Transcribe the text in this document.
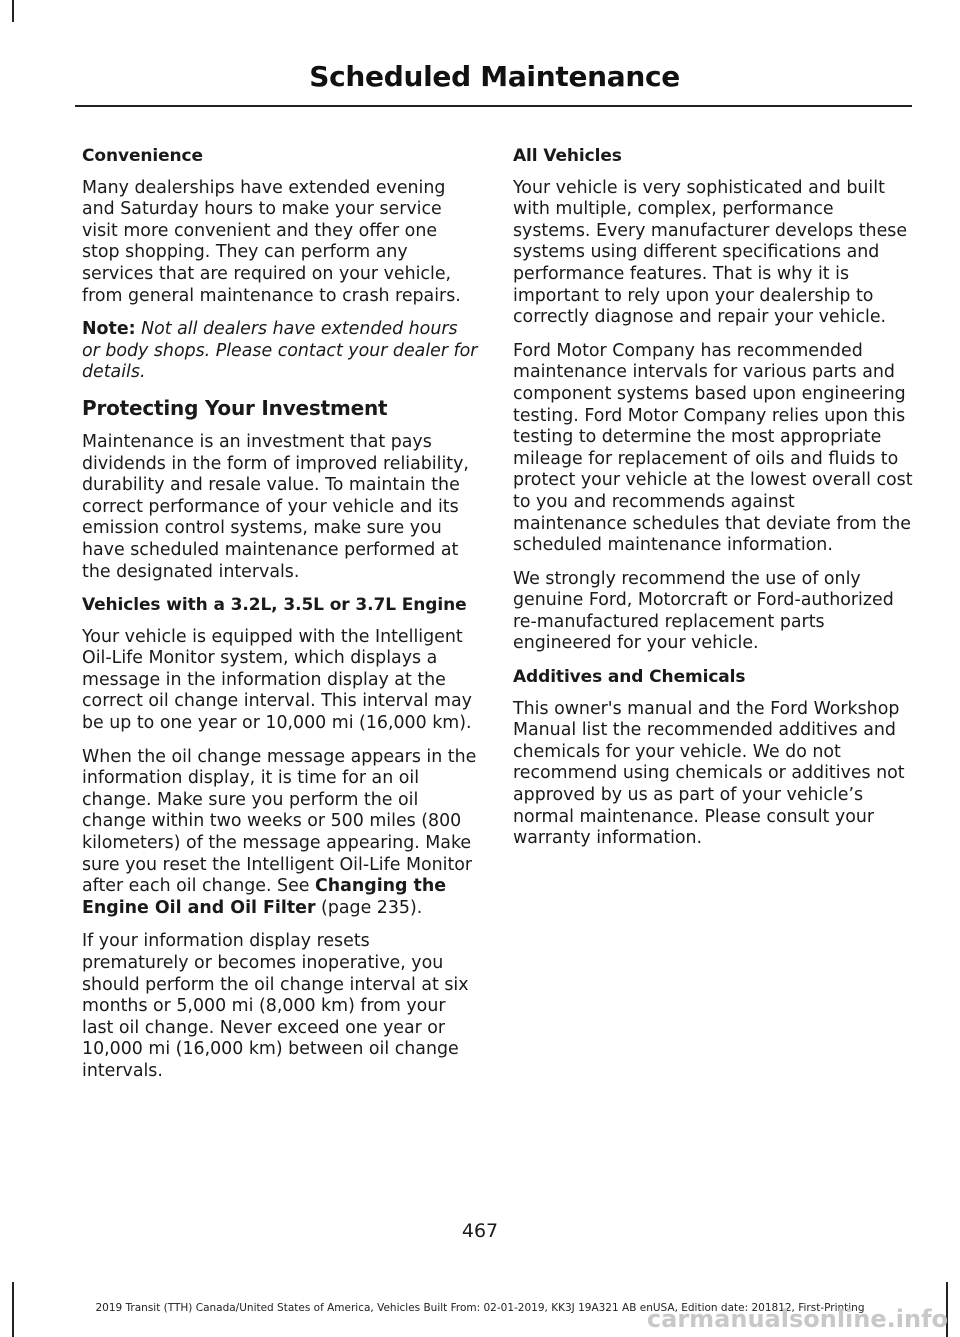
Scheduled Maintenance

Convenience

Many dealerships have extended evening and Saturday hours to make your service visit more convenient and they offer one stop shopping. They can perform any services that are required on your vehicle, from general maintenance to crash repairs.

Note: Not all dealers have extended hours or body shops. Please contact your dealer for details.

Protecting Your Investment

Maintenance is an investment that pays dividends in the form of improved reliability, durability and resale value. To maintain the correct performance of your vehicle and its emission control systems, make sure you have scheduled maintenance performed at the designated intervals.

Vehicles with a 3.2L, 3.5L or 3.7L Engine

Your vehicle is equipped with the Intelligent Oil-Life Monitor system, which displays a message in the information display at the correct oil change interval. This interval may be up to one year or 10,000 mi (16,000 km).

When the oil change message appears in the information display, it is time for an oil change. Make sure you perform the oil change within two weeks or 500 miles (800 kilometers) of the message appearing. Make sure you reset the Intelligent Oil-Life Monitor after each oil change. See Changing the Engine Oil and Oil Filter (page 235).

If your information display resets prematurely or becomes inoperative, you should perform the oil change interval at six months or 5,000 mi (8,000 km) from your last oil change. Never exceed one year or 10,000 mi (16,000 km) between oil change intervals.

All Vehicles

Your vehicle is very sophisticated and built with multiple, complex, performance systems. Every manufacturer develops these systems using different specifications and performance features. That is why it is important to rely upon your dealership to correctly diagnose and repair your vehicle.

Ford Motor Company has recommended maintenance intervals for various parts and component systems based upon engineering testing. Ford Motor Company relies upon this testing to determine the most appropriate mileage for replacement of oils and fluids to protect your vehicle at the lowest overall cost to you and recommends against maintenance schedules that deviate from the scheduled maintenance information.

We strongly recommend the use of only genuine Ford, Motorcraft or Ford-authorized re-manufactured replacement parts engineered for your vehicle.

Additives and Chemicals

This owner's manual and the Ford Workshop Manual list the recommended additives and chemicals for your vehicle. We do not recommend using chemicals or additives not approved by us as part of your vehicle’s normal maintenance. Please consult your warranty information.

467
2019 Transit (TTH) Canada/United States of America, Vehicles Built From: 02-01-2019, KK3J 19A321 AB enUSA, Edition date: 201812, First-Printing
carmanualsonline.info
